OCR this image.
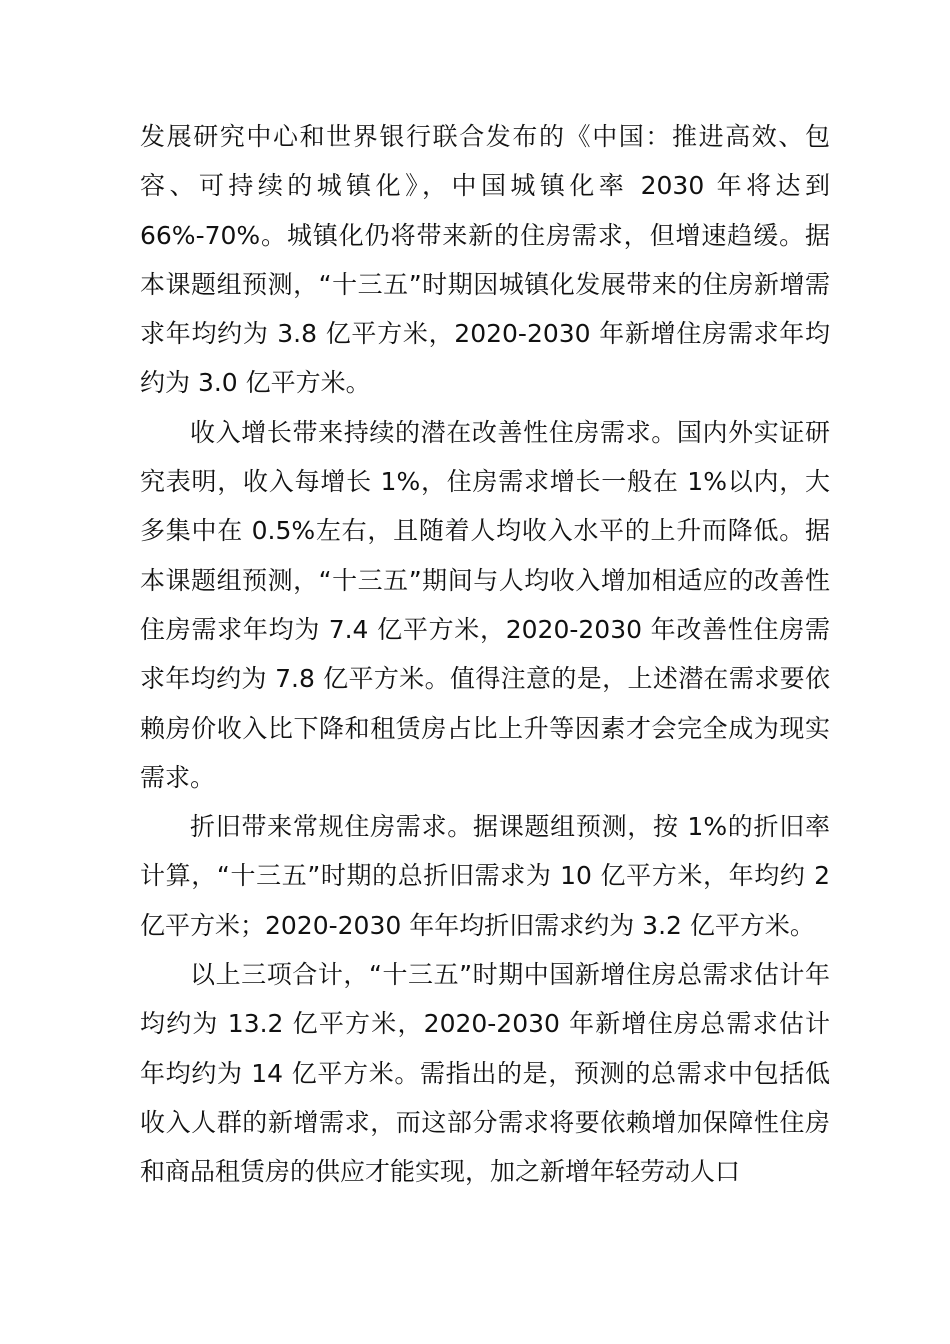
发展研究中心和世界银行联合发布的《中国：推进高效、包容、可持续的城镇化》，中国城镇化率 2030 年将达到 66%-70%。城镇化仍将带来新的住房需求，但增速趋缓。据本课题组预测，“十三五”时期因城镇化发展带来的住房新增需求年均约为 3.8 亿平方米，2020-2030 年新增住房需求年均约为 3.0 亿平方米。

收入增长带来持续的潜在改善性住房需求。国内外实证研究表明，收入每增长 1%，住房需求增长一般在 1%以内，大多集中在 0.5%左右，且随着人均收入水平的上升而降低。据本课题组预测，“十三五”期间与人均收入增加相适应的改善性住房需求年均为 7.4 亿平方米，2020-2030 年改善性住房需求年均约为 7.8 亿平方米。值得注意的是，上述潜在需求要依赖房价收入比下降和租赁房占比上升等因素才会完全成为现实需求。

折旧带来常规住房需求。据课题组预测，按 1%的折旧率计算，“十三五”时期的总折旧需求为 10 亿平方米，年均约 2 亿平方米；2020-2030 年年均折旧需求约为 3.2 亿平方米。

以上三项合计，“十三五”时期中国新增住房总需求估计年均约为 13.2 亿平方米，2020-2030 年新增住房总需求估计年均约为 14 亿平方米。需指出的是，预测的总需求中包括低收入人群的新增需求，而这部分需求将要依赖增加保障性住房和商品租赁房的供应才能实现，加之新增年轻劳动人口
